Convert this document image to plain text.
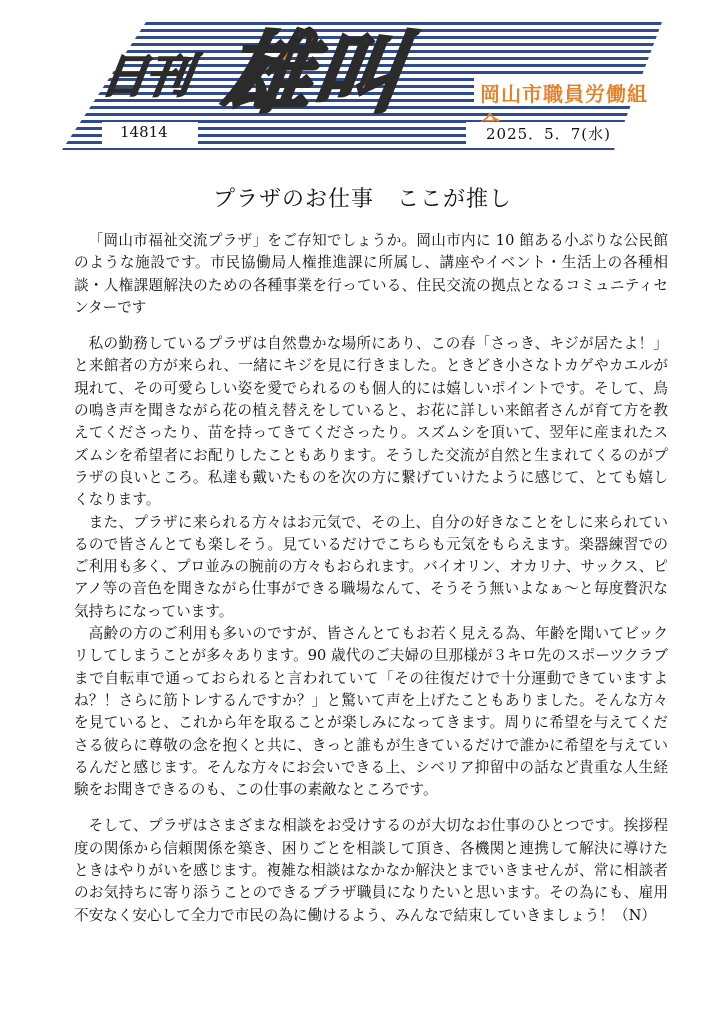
日刊 雄叫	岡山市職員労働組
14814	2025．5．7(水)
プラザのお仕事　ここが推し

「岡山市福祉交流プラザ」をご存知でしょうか。岡山市内に 10 館ある小ぶりな公民館のような施設です。市民協働局人権推進課に所属し、講座やイベント・生活上の各種相談・人権課題解決のための各種事業を行っている、住民交流の拠点となるコミュニティセンターです

私の勤務しているプラザは自然豊かな場所にあり、この春「さっき、キジが居たよ！」と来館者の方が来られ、一緒にキジを見に行きました。ときどき小さなトカゲやカエルが現れて、その可愛らしい姿を愛でられるのも個人的には嬉しいポイントです。そして、鳥の鳴き声を聞きながら花の植え替えをしていると、お花に詳しい来館者さんが育て方を教えてくださったり、苗を持ってきてくださったり。スズムシを頂いて、翌年に産まれたスズムシを希望者にお配りしたこともあります。そうした交流が自然と生まれてくるのがプラザの良いところ。私達も戴いたものを次の方に繋げていけたように感じて、とても嬉しくなります。

また、プラザに来られる方々はお元気で、その上、自分の好きなことをしに来られているので皆さんとても楽しそう。見ているだけでこちらも元気をもらえます。楽器練習でのご利用も多く、プロ並みの腕前の方々もおられます。バイオリン、オカリナ、サックス、ピアノ等の音色を聞きながら仕事ができる職場なんて、そうそう無いよなぁ～と毎度贅沢な気持ちになっています。

高齢の方のご利用も多いのですが、皆さんとてもお若く見える為、年齢を聞いてビックリしてしまうことが多々あります。90 歳代のご夫婦の旦那様が３キロ先のスポーツクラブまで自転車で通っておられると言われていて「その往復だけで十分運動できていますよね？！さらに筋トレするんですか？」と驚いて声を上げたこともありました。そんな方々を見ていると、これから年を取ることが楽しみになってきます。周りに希望を与えてくださる彼らに尊敬の念を抱くと共に、きっと誰もが生きているだけで誰かに希望を与えているんだと感じます。そんな方々にお会いできる上、シベリア抑留中の話など貴重な人生経験をお聞きできるのも、この仕事の素敵なところです。

そして、プラザはさまざまな相談をお受けするのが大切なお仕事のひとつです。挨拶程度の関係から信頼関係を築き、困りごとを相談して頂き、各機関と連携して解決に導けたときはやりがいを感じます。複雑な相談はなかなか解決とまでいきませんが、常に相談者のお気持ちに寄り添うことのできるプラザ職員になりたいと思います。その為にも、雇用不安なく安心して全力で市民の為に働けるよう、みんなで結束していきましょう！（N）
